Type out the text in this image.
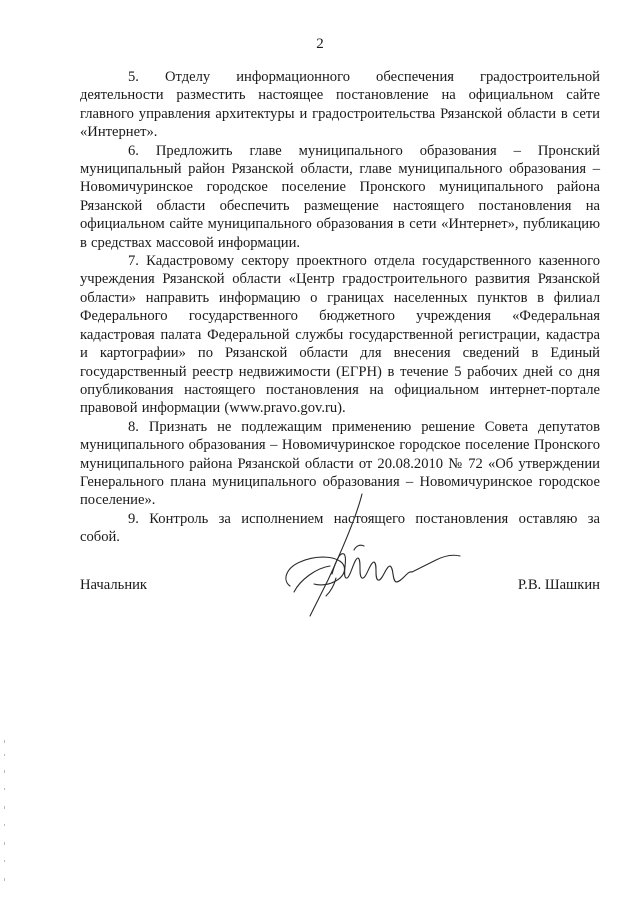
2

5. Отделу информационного обеспечения градостроительной деятельности разместить настоящее постановление на официальном сайте главного управления архитектуры и градостроительства Рязанской области в сети «Интернет».

6. Предложить главе муниципального образования – Пронский муниципальный район Рязанской области, главе муниципального образования – Новомичуринское городское поселение Пронского муниципального района Рязанской области обеспечить размещение настоящего постановления на официальном сайте муниципального образования в сети «Интернет», публикацию в средствах массовой информации.

7. Кадастровому сектору проектного отдела государственного казенного учреждения Рязанской области «Центр градостроительного развития Рязанской области» направить информацию о границах населенных пунктов в филиал Федерального государственного бюджетного учреждения «Федеральная кадастровая палата Федеральной службы государственной регистрации, кадастра и картографии» по Рязанской области для внесения сведений в Единый государственный реестр недвижимости (ЕГРН) в течение 5 рабочих дней со дня опубликования настоящего постановления на официальном интернет-портале правовой информации (www.pravo.gov.ru).

8. Признать не подлежащим применению решение Совета депутатов муниципального образования – Новомичуринское городское поселение Пронского муниципального района Рязанской области от 20.08.2010 № 72 «Об утверждении Генерального плана муниципального образования – Новомичуринское городское поселение».

9. Контроль за исполнением настоящего постановления оставляю за собой.

Начальник	Р.В. Шашкин
